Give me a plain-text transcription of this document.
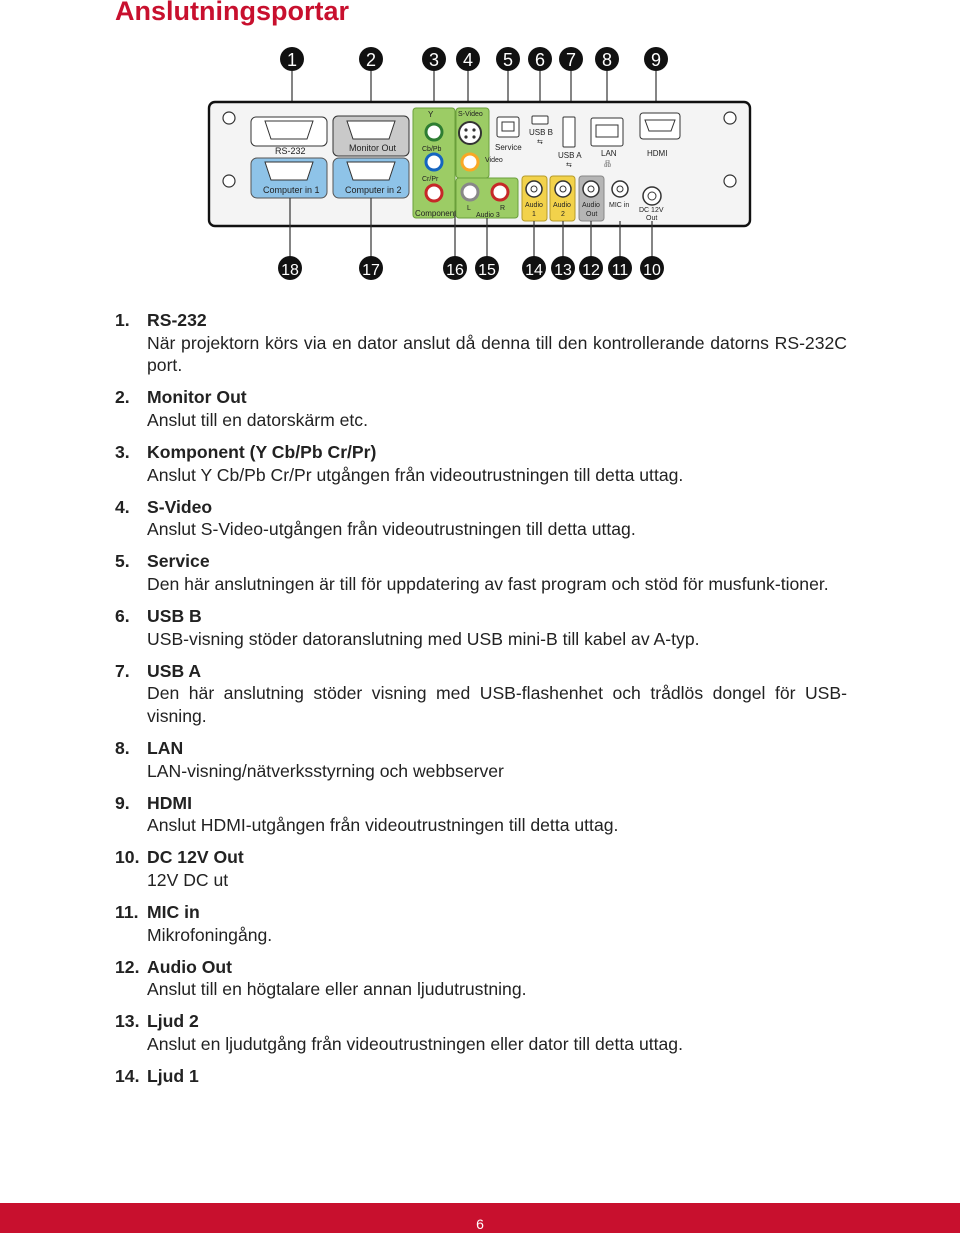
Anslutningsportar
1	2	3 4 5 6 7 8 9
RS-232	Monitor Out
Computer in 1	Computer in 2
Y
Cb/Pb
Cr/Pr
Component
S-Video
Video
L	R
Audio 3
Service
USB B
⇆
USB A
⇆
LAN
品
HDMI
Audio
1
Audio
2
Audio
Out
MIC in
DC 12V
Out
18	17	16 15 14 13 12 11 10
1. RS-232
När projektorn körs via en dator anslut då denna till den kontrollerande datorns RS-232C port.
2. Monitor Out
Anslut till en datorskärm etc.
3. Komponent (Y Cb/Pb Cr/Pr)
Anslut Y Cb/Pb Cr/Pr utgången från videoutrustningen till detta uttag.
4. S-Video
Anslut S-Video-utgången från videoutrustningen till detta uttag.
5. Service
Den här anslutningen är till för uppdatering av fast program och stöd för musfunk-tioner.
6. USB B
USB-visning stöder datoranslutning med USB mini-B till kabel av A-typ.
7. USB A
Den här anslutning stöder visning med USB-flashenhet och trådlös dongel för USB-visning.
8. LAN
LAN-visning/nätverksstyrning och webbserver
9. HDMI
Anslut HDMI-utgången från videoutrustningen till detta uttag.
10. DC 12V Out
12V DC ut
11. MIC in
Mikrofoningång.
12. Audio Out
Anslut till en högtalare eller annan ljudutrustning.
13. Ljud 2
Anslut en ljudutgång från videoutrustningen eller dator till detta uttag.
14. Ljud 1
6
